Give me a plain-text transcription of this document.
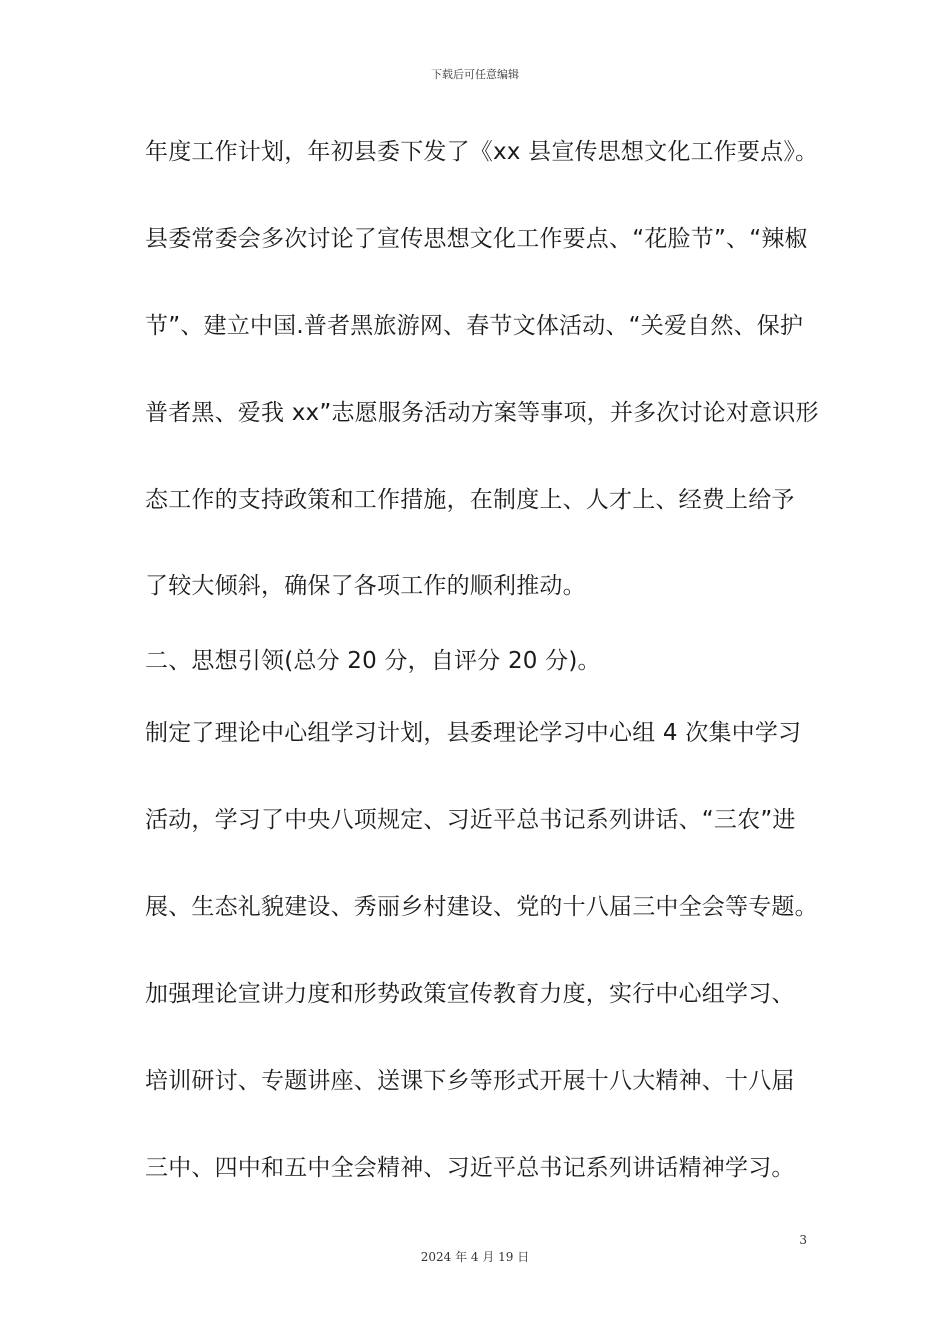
下载后可任意编辑
年度工作计划，年初县委下发了《xx 县宣传思想文化工作要点》。
县委常委会多次讨论了宣传思想文化工作要点、“花脸节”、“辣椒
节”、建立中国.普者黑旅游网、春节文体活动、“关爱自然、保护
普者黑、爱我 xx”志愿服务活动方案等事项，并多次讨论对意识形
态工作的支持政策和工作措施，在制度上、人才上、经费上给予
了较大倾斜，确保了各项工作的顺利推动。
二、思想引领(总分 20 分，自评分 20 分)。
制定了理论中心组学习计划，县委理论学习中心组 4 次集中学习
活动，学习了中央八项规定、习近平总书记系列讲话、“三农”进
展、生态礼貌建设、秀丽乡村建设、党的十八届三中全会等专题。
加强理论宣讲力度和形势政策宣传教育力度，实行中心组学习、
培训研讨、专题讲座、送课下乡等形式开展十八大精神、十八届
三中、四中和五中全会精神、习近平总书记系列讲话精神学习。
3
2024 年 4 月 19 日
